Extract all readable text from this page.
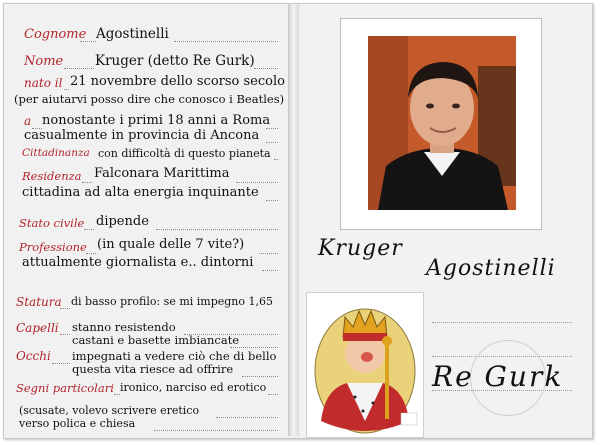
Cognome Agostinelli
Nome Kruger (detto Re Gurk)
nato il 21 novembre dello scorso secolo
(per aiutarvi posso dire che conosco i Beatles)
a nonostante i primi 18 anni a Roma
casualmente in provincia di Ancona
Cittadinanza con difficoltà di questo pianeta
Residenza Falconara Marittima
cittadina ad alta energia inquinante
Stato civile dipende
Professione (in quale delle 7 vite?)
attualmente giornalista e.. dintorni
Statura di basso profilo: se mi impegno 1,65
Capelli stanno resistendo
castani e basette imbiancate
Occhi impegnati a vedere ciò che di bello
questa vita riesce ad offrire
Segni particolari ironico, narciso ed erotico
(scusate, volevo scrivere eretico
verso polica e chiesa
Kruger
Agostinelli
Re Gurk
